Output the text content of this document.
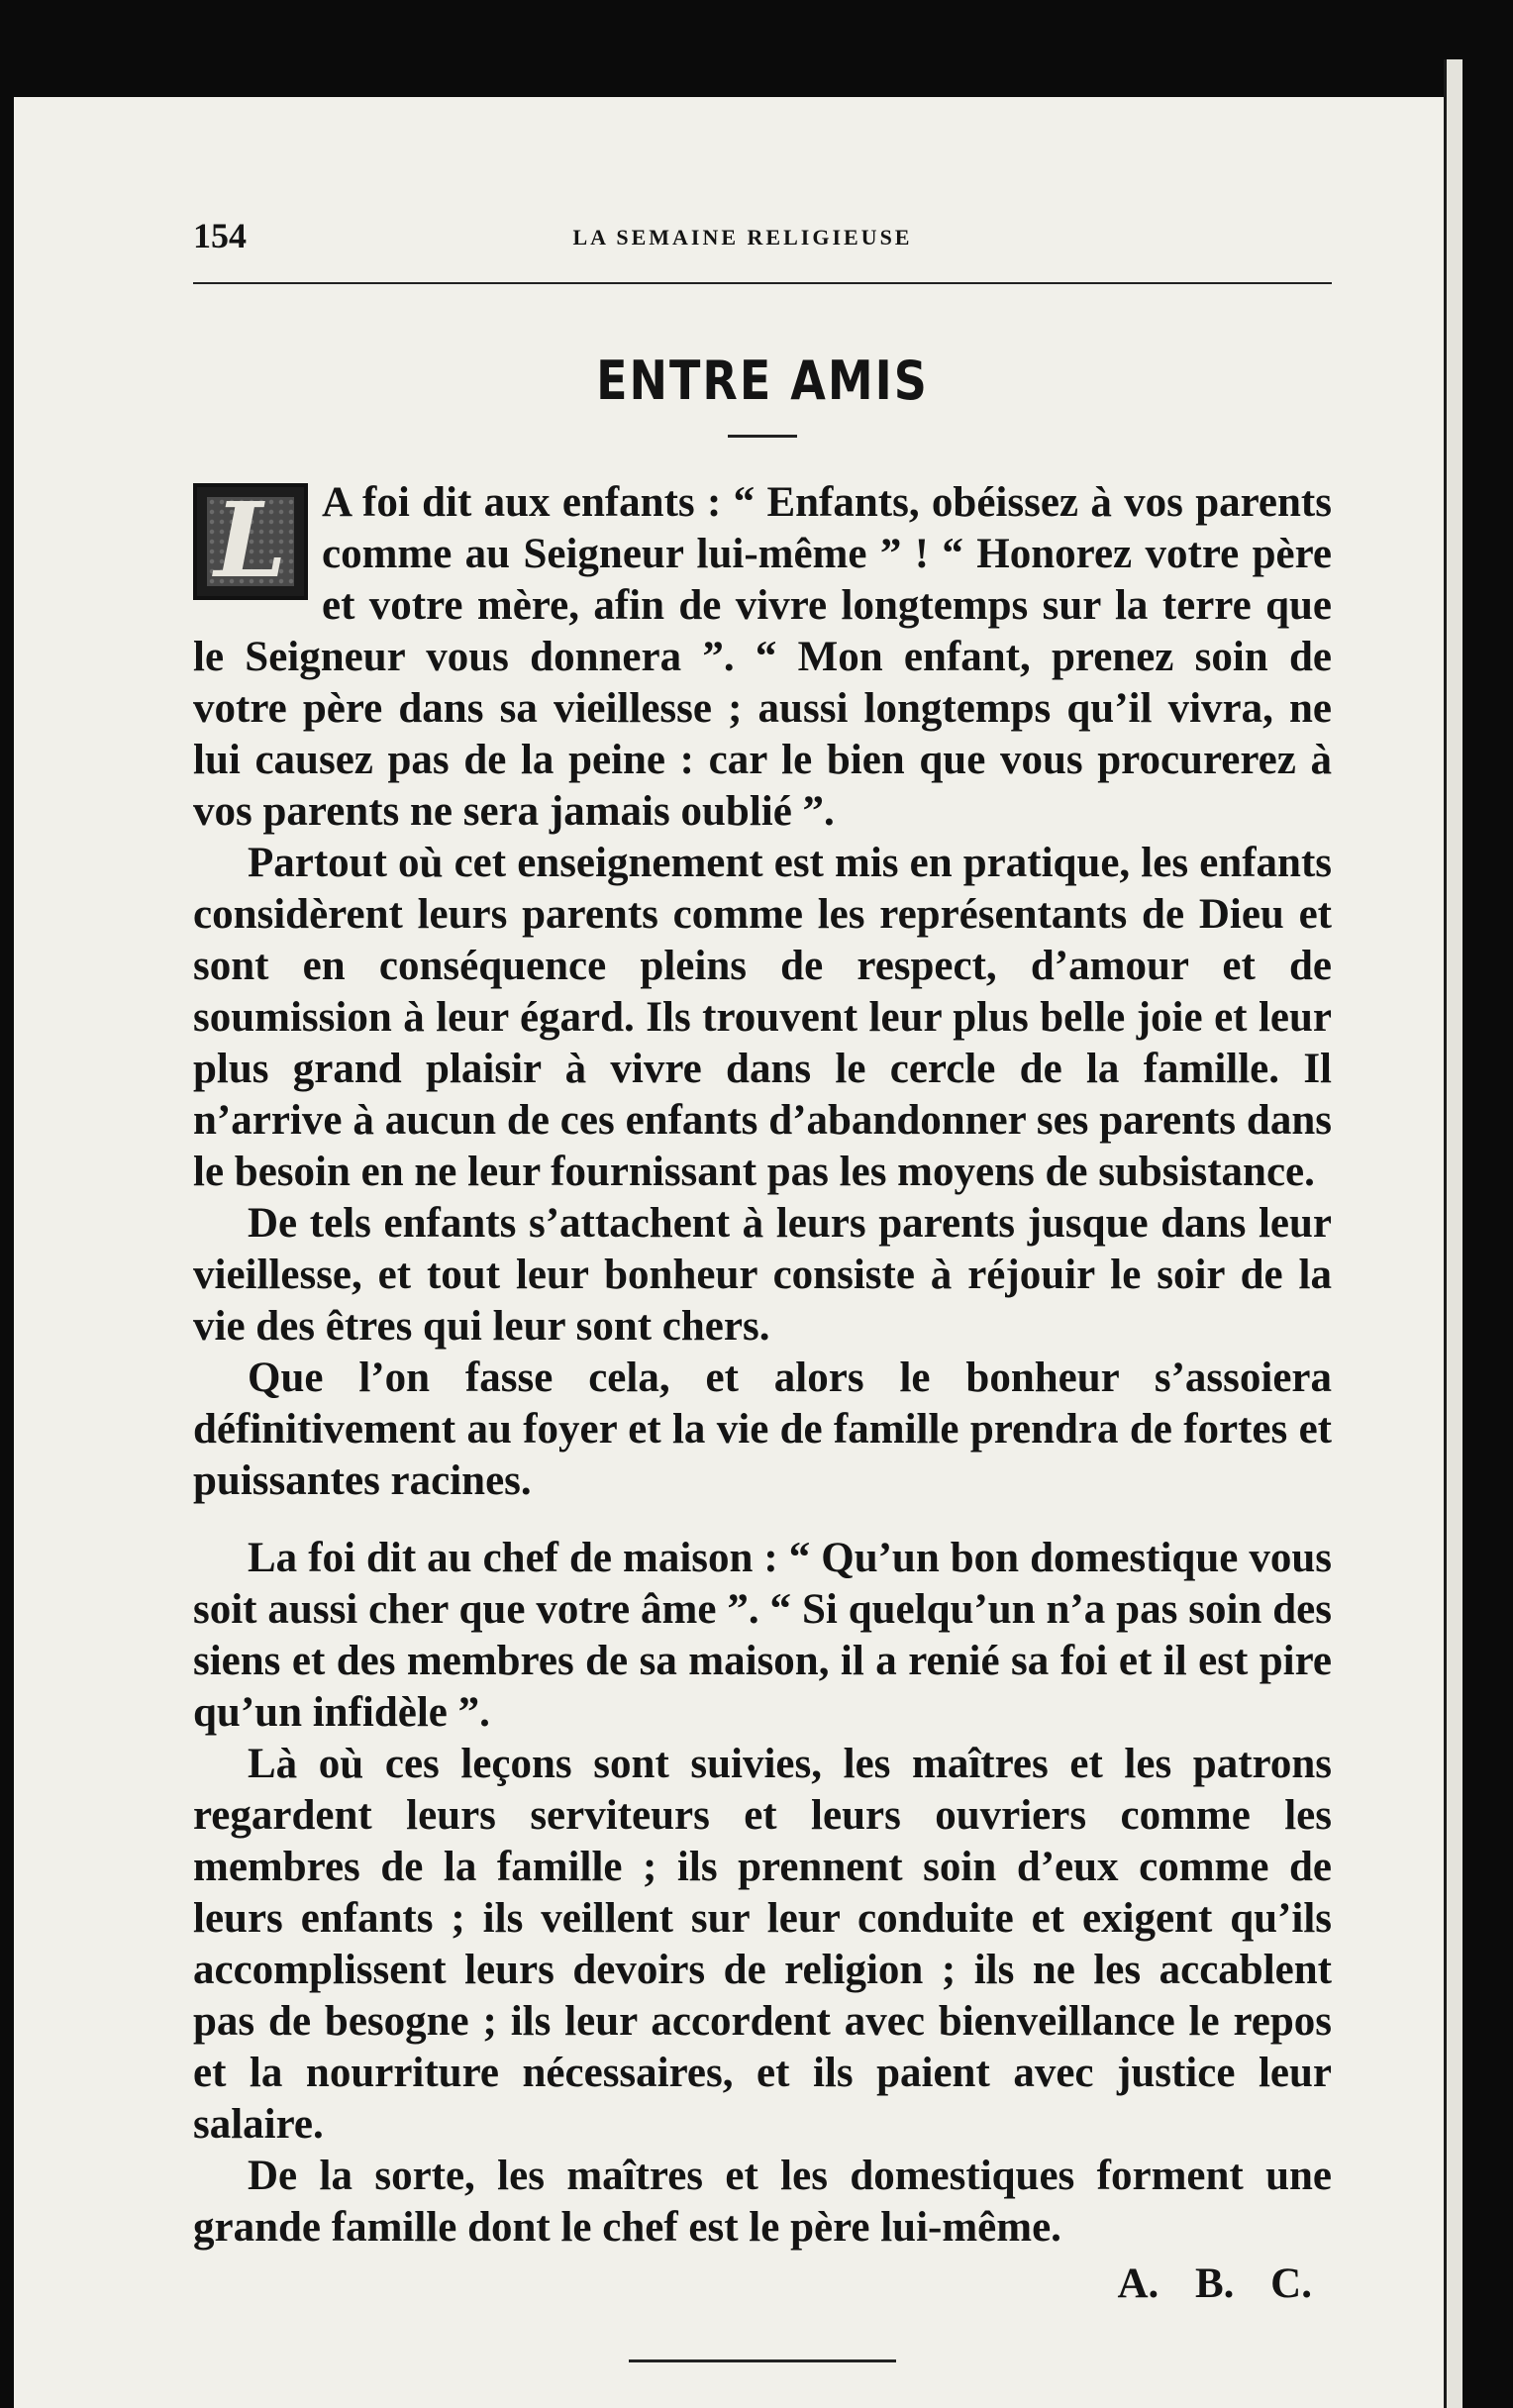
154	LA SEMAINE RELIGIEUSE
ENTRE AMIS

L A foi dit aux enfants : “ Enfants, obéissez à vos parents comme au Seigneur lui-même ” ! “ Honorez votre père et votre mère, afin de vivre longtemps sur la terre que le Seigneur vous donnera ”. “ Mon enfant, prenez soin de votre père dans sa vieillesse ; aussi longtemps qu’il vivra, ne lui causez pas de la peine : car le bien que vous procurerez à vos parents ne sera jamais oublié ”.

Partout où cet enseignement est mis en pratique, les enfants considèrent leurs parents comme les représentants de Dieu et sont en conséquence pleins de respect, d’amour et de soumission à leur égard. Ils trouvent leur plus belle joie et leur plus grand plaisir à vivre dans le cercle de la famille. Il n’arrive à aucun de ces enfants d’abandonner ses parents dans le besoin en ne leur fournissant pas les moyens de subsistance.

De tels enfants s’attachent à leurs parents jusque dans leur vieillesse, et tout leur bonheur consiste à réjouir le soir de la vie des êtres qui leur sont chers.

Que l’on fasse cela, et alors le bonheur s’assoiera définitivement au foyer et la vie de famille prendra de fortes et puissantes racines.

La foi dit au chef de maison : “ Qu’un bon domestique vous soit aussi cher que votre âme ”. “ Si quelqu’un n’a pas soin des siens et des membres de sa maison, il a renié sa foi et il est pire qu’un infidèle ”.

Là où ces leçons sont suivies, les maîtres et les patrons regardent leurs serviteurs et leurs ouvriers comme les membres de la famille ; ils prennent soin d’eux comme de leurs enfants ; ils veillent sur leur conduite et exigent qu’ils accomplissent leurs devoirs de religion ; ils ne les accablent pas de besogne ; ils leur accordent avec bienveillance le repos et la nourriture nécessaires, et ils paient avec justice leur salaire.

De la sorte, les maîtres et les domestiques forment une grande famille dont le chef est le père lui-même.

A. B. C.
